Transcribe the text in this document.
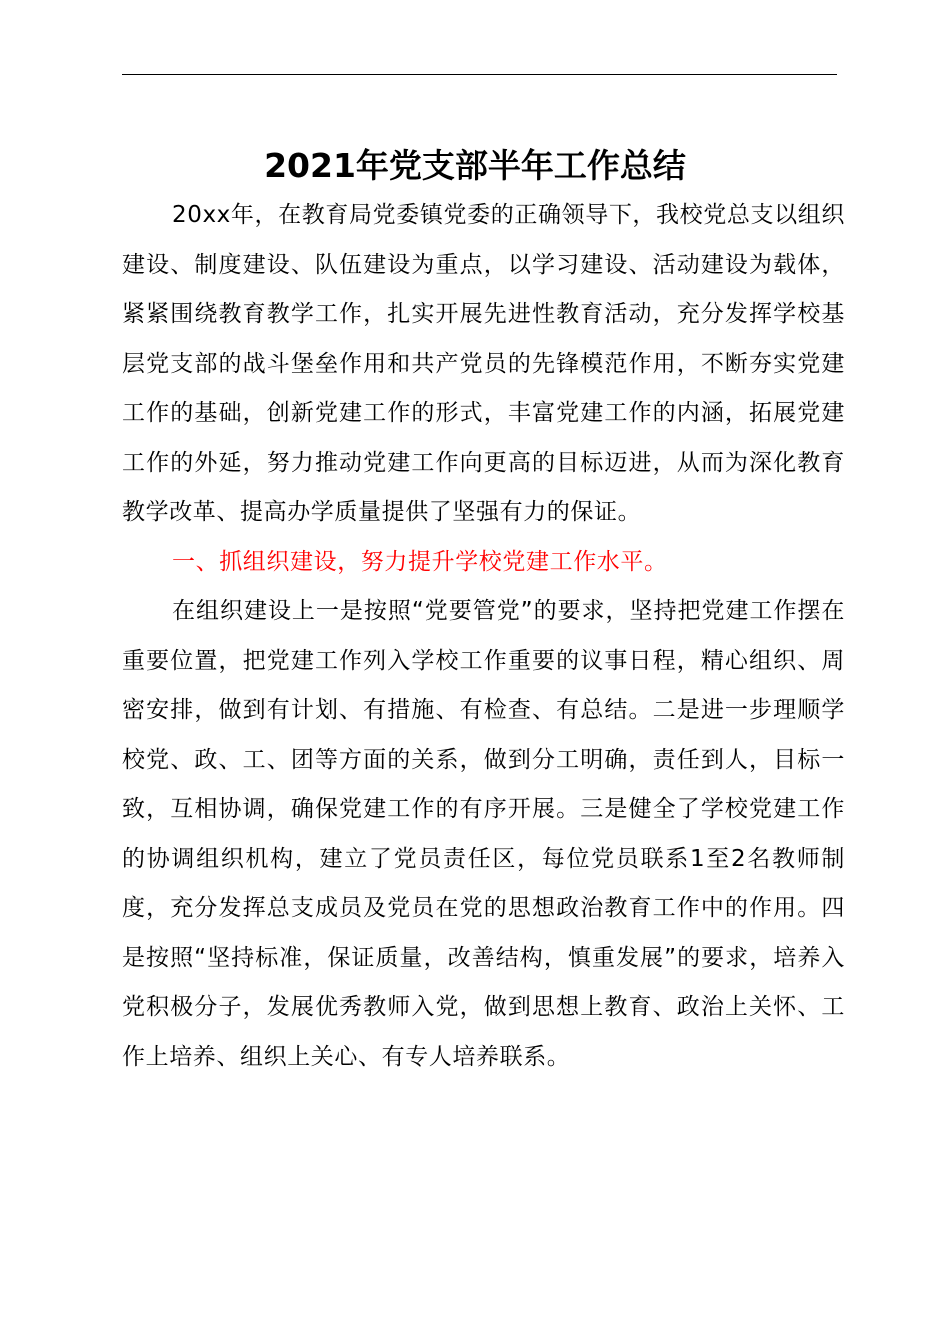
2021年党支部半年工作总结

20xx年，在教育局党委镇党委的正确领导下，我校党总支以组织建设、制度建设、队伍建设为重点，以学习建设、活动建设为载体，紧紧围绕教育教学工作，扎实开展先进性教育活动，充分发挥学校基层党支部的战斗堡垒作用和共产党员的先锋模范作用，不断夯实党建工作的基础，创新党建工作的形式，丰富党建工作的内涵，拓展党建工作的外延，努力推动党建工作向更高的目标迈进，从而为深化教育教学改革、提高办学质量提供了坚强有力的保证。

一、抓组织建设，努力提升学校党建工作水平。

在组织建设上一是按照“党要管党”的要求，坚持把党建工作摆在重要位置，把党建工作列入学校工作重要的议事日程，精心组织、周密安排，做到有计划、有措施、有检查、有总结。二是进一步理顺学校党、政、工、团等方面的关系，做到分工明确，责任到人，目标一致，互相协调，确保党建工作的有序开展。三是健全了学校党建工作的协调组织机构，建立了党员责任区，每位党员联系1至2名教师制度，充分发挥总支成员及党员在党的思想政治教育工作中的作用。四是按照“坚持标准，保证质量，改善结构，慎重发展”的要求，培养入党积极分子，发展优秀教师入党，做到思想上教育、政治上关怀、工作上培养、组织上关心、有专人培养联系。
